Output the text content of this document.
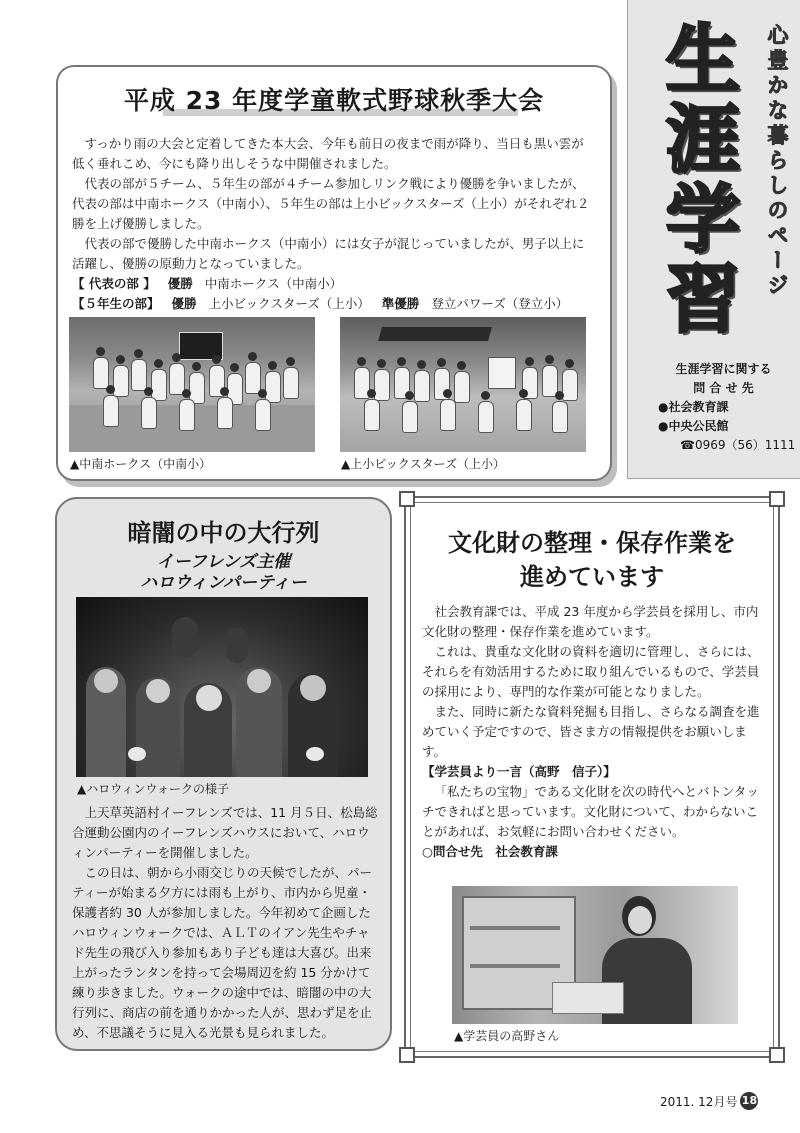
平成 23 年度学童軟式野球秋季大会

すっかり雨の大会と定着してきた本大会、今年も前日の夜まで雨が降り、当日も黒い雲が低く垂れこめ、今にも降り出しそうな中開催されました。

代表の部が５チーム、５年生の部が４チーム参加しリンク戦により優勝を争いましたが、代表の部は中南ホークス（中南小）、５年生の部は上小ビックスターズ（上小）がそれぞれ２勝を上げ優勝しました。

代表の部で優勝した中南ホークス（中南小）には女子が混じっていましたが、男子以上に活躍し、優勝の原動力となっていました。

【 代表の部 】 優勝 中南ホークス（中南小）
【５年生の部】 優勝 上小ビックスターズ（上小） 準優勝 登立パワーズ（登立小）
▲中南ホークス（中南小）	▲上小ビックスターズ（上小）
生
涯
学
習
心豊かな暮らしのページ
生涯学習に関する
問 合 せ 先
●社会教育課
●中央公民館
☎0969（56）1111
暗闇の中の大行列
イーフレンズ主催
ハロウィンパーティー
▲ハロウィンウォークの様子

上天草英語村イーフレンズでは、11 月５日、松島総合運動公園内のイーフレンズハウスにおいて、ハロウィンパーティーを開催しました。

この日は、朝から小雨交じりの天候でしたが、パーティーが始まる夕方には雨も上がり、市内から児童・保護者約 30 人が参加しました。今年初めて企画したハロウィンウォークでは、ＡＬＴのイアン先生やチャド先生の飛び入り参加もあり子ども達は大喜び。出来上がったランタンを持って会場周辺を約 15 分かけて練り歩きました。ウォークの途中では、暗闇の中の大行列に、商店の前を通りかかった人が、思わず足を止め、不思議そうに見入る光景も見られました。

文化財の整理・保存作業を
進めています

社会教育課では、平成 23 年度から学芸員を採用し、市内文化財の整理・保存作業を進めています。

これは、貴重な文化財の資料を適切に管理し、さらには、それらを有効活用するために取り組んでいるもので、学芸員の採用により、専門的な作業が可能となりました。

また、同時に新たな資料発掘も目指し、さらなる調査を進めていく予定ですので、皆さま方の情報提供をお願いします。

【学芸員より一言（高野　信子）】

「私たちの宝物」である文化財を次の時代へとバトンタッチできればと思っています。文化財について、わからないことがあれば、お気軽にお問い合わせください。

○問合せ先　社会教育課

▲学芸員の高野さん
2011. 12月号 18
